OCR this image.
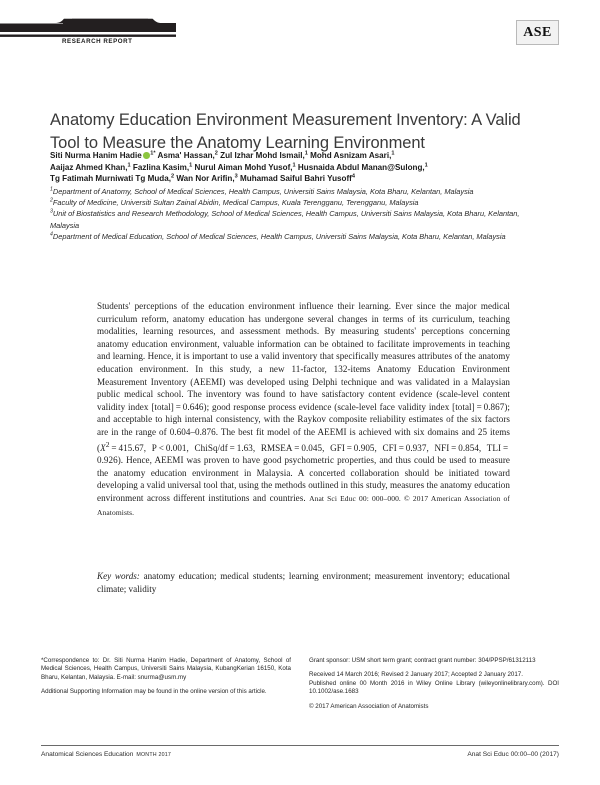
RESEARCH REPORT
ASE
Anatomy Education Environment Measurement Inventory: A Valid Tool to Measure the Anatomy Learning Environment
Siti Nurma Hanim Hadie $^{1*}$ Asma' Hassan,$^2$ Zul Izhar Mohd Ismail,$^1$ Mohd Asnizam Asari,$^1$
Aaijaz Ahmed Khan,$^1$ Fazlina Kasim,$^1$ Nurul Aiman Mohd Yusof,$^1$ Husnaida Abdul Manan@Sulong,$^1$
Tg Fatimah Murniwati Tg Muda,$^2$ Wan Nor Arifin,$^3$ Muhamad Saiful Bahri Yusoff$^4$

$^1$Department of Anatomy, School of Medical Sciences, Health Campus, Universiti Sains Malaysia, Kota Bharu, Kelantan, Malaysia

$^2$Faculty of Medicine, Universiti Sultan Zainal Abidin, Medical Campus, Kuala Terengganu, Terengganu, Malaysia

$^3$Unit of Biostatistics and Research Methodology, School of Medical Sciences, Health Campus, Universiti Sains Malaysia, Kota Bharu, Kelantan, Malaysia

$^4$Department of Medical Education, School of Medical Sciences, Health Campus, Universiti Sains Malaysia, Kota Bharu, Kelantan, Malaysia

Students' perceptions of the education environment influence their learning. Ever since the major medical curriculum reform, anatomy education has undergone several changes in terms of its curriculum, teaching modalities, learning resources, and assessment methods. By measuring students' perceptions concerning anatomy education environment, valuable information can be obtained to facilitate improvements in teaching and learning. Hence, it is important to use a valid inventory that specifically measures attributes of the anatomy education environment. In this study, a new 11-factor, 132-items Anatomy Education Environment Measurement Inventory (AEEMI) was developed using Delphi technique and was validated in a Malaysian public medical school. The inventory was found to have satisfactory content evidence (scale-level content validity index [total] = 0.646); good response process evidence (scale-level face validity index [total] = 0.867); and acceptable to high internal consistency, with the Raykov composite reliability estimates of the six factors are in the range of 0.604–0.876. The best fit model of the AEEMI is achieved with six domains and 25 items ($X^2 = 415.67$, P < 0.001, ChiSq/df = 1.63, RMSEA = 0.045, GFI = 0.905, CFI = 0.937, NFI = 0.854, TLI = 0.926). Hence, AEEMI was proven to have good psychometric properties, and thus could be used to measure the anatomy education environment in Malaysia. A concerted collaboration should be initiated toward developing a valid universal tool that, using the methods outlined in this study, measures the anatomy education environment across different institutions and countries. Anat Sci Educ 00: 000–000. © 2017 American Association of Anatomists.
Key words: anatomy education; medical students; learning environment; measurement inventory; educational climate; validity
*Correspondence to: Dr. Siti Nurma Hanim Hadie, Department of Anatomy, School of Medical Sciences, Health Campus, Universiti Sains Malaysia, KubangKerian 16150, Kota Bharu, Kelantan, Malaysia. E-mail: snurma@usm.my
Additional Supporting Information may be found in the online version of this article.
Grant sponsor: USM short term grant; contract grant number: 304/PPSP/61312113
Received 14 March 2016; Revised 2 January 2017; Accepted 2 January 2017.
Published online 00 Month 2016 in Wiley Online Library (wileyonlinelibrary.com). DOI 10.1002/ase.1683
© 2017 American Association of Anatomists
Anatomical Sciences Education MONTH 2017	Anat Sci Educ 00:00–00 (2017)
